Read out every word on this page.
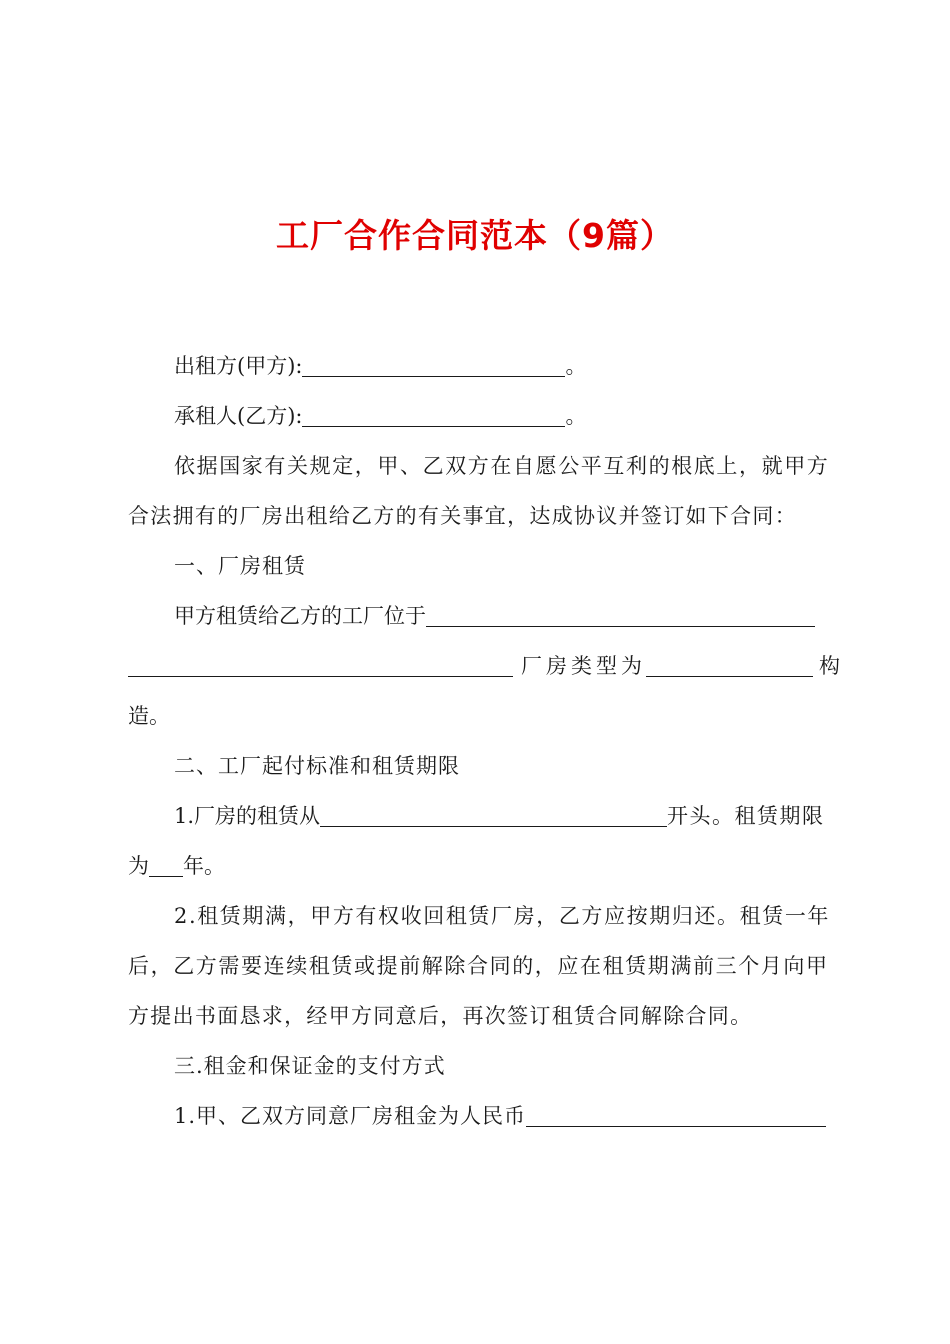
工厂合作合同范本（9篇）
出租方(甲方):	。
承租人(乙方):	。
依据国家有关规定，甲、乙双方在自愿公平互利的根底上，就甲方
合法拥有的厂房出租给乙方的有关事宜，达成协议并签订如下合同：
一、厂房租赁
甲方租赁给乙方的工厂位于
厂房类型为	构
造。
二、工厂起付标准和租赁期限
1.厂房的租赁从	开头。租赁期限
为 年。
2.租赁期满，甲方有权收回租赁厂房，乙方应按期归还。租赁一年
后，乙方需要连续租赁或提前解除合同的，应在租赁期满前三个月向甲
方提出书面恳求，经甲方同意后，再次签订租赁合同解除合同。
三.租金和保证金的支付方式
1.甲、乙双方同意厂房租金为人民币
